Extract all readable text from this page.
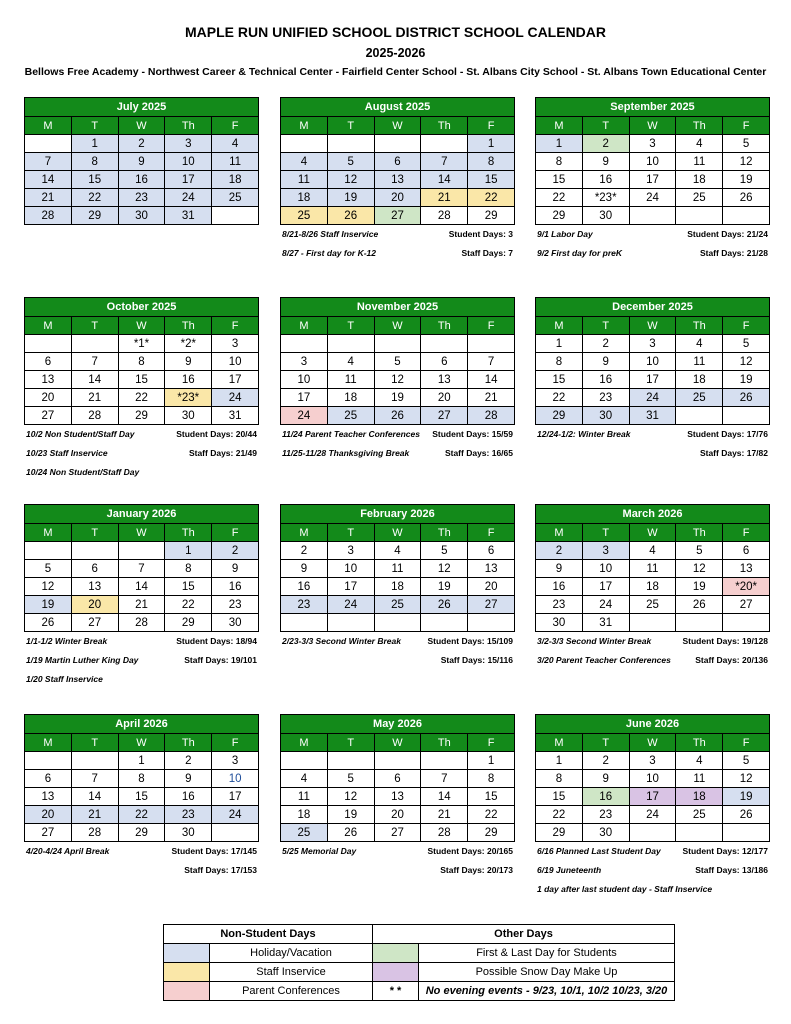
MAPLE RUN UNIFIED SCHOOL DISTRICT SCHOOL CALENDAR
2025-2026
Bellows Free Academy - Northwest Career & Technical Center - Fairfield Center School - St. Albans City School - St. Albans Town Educational Center
July 2025				
M	T	W	Th	F
	1	2	3	4
7	8	9	10	11
14	15	16	17	18
21	22	23	24	25
28	29	30	31	
August 2025				
M	T	W	Th	F
				1
4	5	6	7	8
11	12	13	14	15
18	19	20	21	22
25	26	27	28	29
8/21-8/26 Staff Inservice	Student Days: 3
8/27 - First day for K-12	Staff Days: 7
September 2025				
M	T	W	Th	F
1	2	3	4	5
8	9	10	11	12
15	16	17	18	19
22	*23*	24	25	26
29	30			
9/1 Labor Day	Student Days: 21/24
9/2 First day for preK	Staff Days: 21/28
October 2025				
M	T	W	Th	F
		*1*	*2*	3
6	7	8	9	10
13	14	15	16	17
20	21	22	*23*	24
27	28	29	30	31
10/2 Non Student/Staff Day	Student Days: 20/44
10/23 Staff Inservice	Staff Days: 21/49
10/24 Non Student/Staff Day
November 2025				
M	T	W	Th	F

3	4	5	6	7
10	11	12	13	14
17	18	19	20	21
24	25	26	27	28
11/24 Parent Teacher Conferences Student Days: 15/59
11/25-11/28 Thanksgiving Break	Staff Days: 16/65
December 2025				
M	T	W	Th	F
1	2	3	4	5
8	9	10	11	12
15	16	17	18	19
22	23	24	25	26
29	30	31		
12/24-1/2: Winter Break	Student Days: 17/76
Staff Days: 17/82
January 2026				
M	T	W	Th	F
			1	2
5	6	7	8	9
12	13	14	15	16
19	20	21	22	23
26	27	28	29	30
1/1-1/2 Winter Break	Student Days: 18/94
1/19 Martin Luther King Day	Staff Days: 19/101
1/20 Staff Inservice
February 2026				
M	T	W	Th	F
2	3	4	5	6
9	10	11	12	13
16	17	18	19	20
23	24	25	26	27

2/23-3/3 Second Winter Break	Student Days: 15/109
Staff Days: 15/116
March 2026				
M	T	W	Th	F
2	3	4	5	6
9	10	11	12	13
16	17	18	19	*20*
23	24	25	26	27
30	31			
3/2-3/3 Second Winter Break	Student Days: 19/128
3/20 Parent Teacher Conferences	Staff Days: 20/136
April 2026				
M	T	W	Th	F
		1	2	3
6	7	8	9	10
13	14	15	16	17
20	21	22	23	24
27	28	29	30	
4/20-4/24 April Break	Student Days: 17/145
Staff Days: 17/153
May 2026				
M	T	W	Th	F
				1
4	5	6	7	8
11	12	13	14	15
18	19	20	21	22
25	26	27	28	29
5/25 Memorial Day	Student Days: 20/165
Staff Days: 20/173
June 2026				
M	T	W	Th	F
1	2	3	4	5
8	9	10	11	12
15	16	17	18	19
22	23	24	25	26
29	30			
6/16 Planned Last Student Day	Student Days: 12/177
6/19 Juneteenth	Staff Days: 13/186
1 day after last student day - Staff Inservice
Non-Student Days		Other Days	
	Holiday/Vacation		First & Last Day for Students
	Staff Inservice		Possible Snow Day Make Up
	Parent Conferences	* *	No evening events - 9/23, 10/1, 10/2 10/23, 3/20
